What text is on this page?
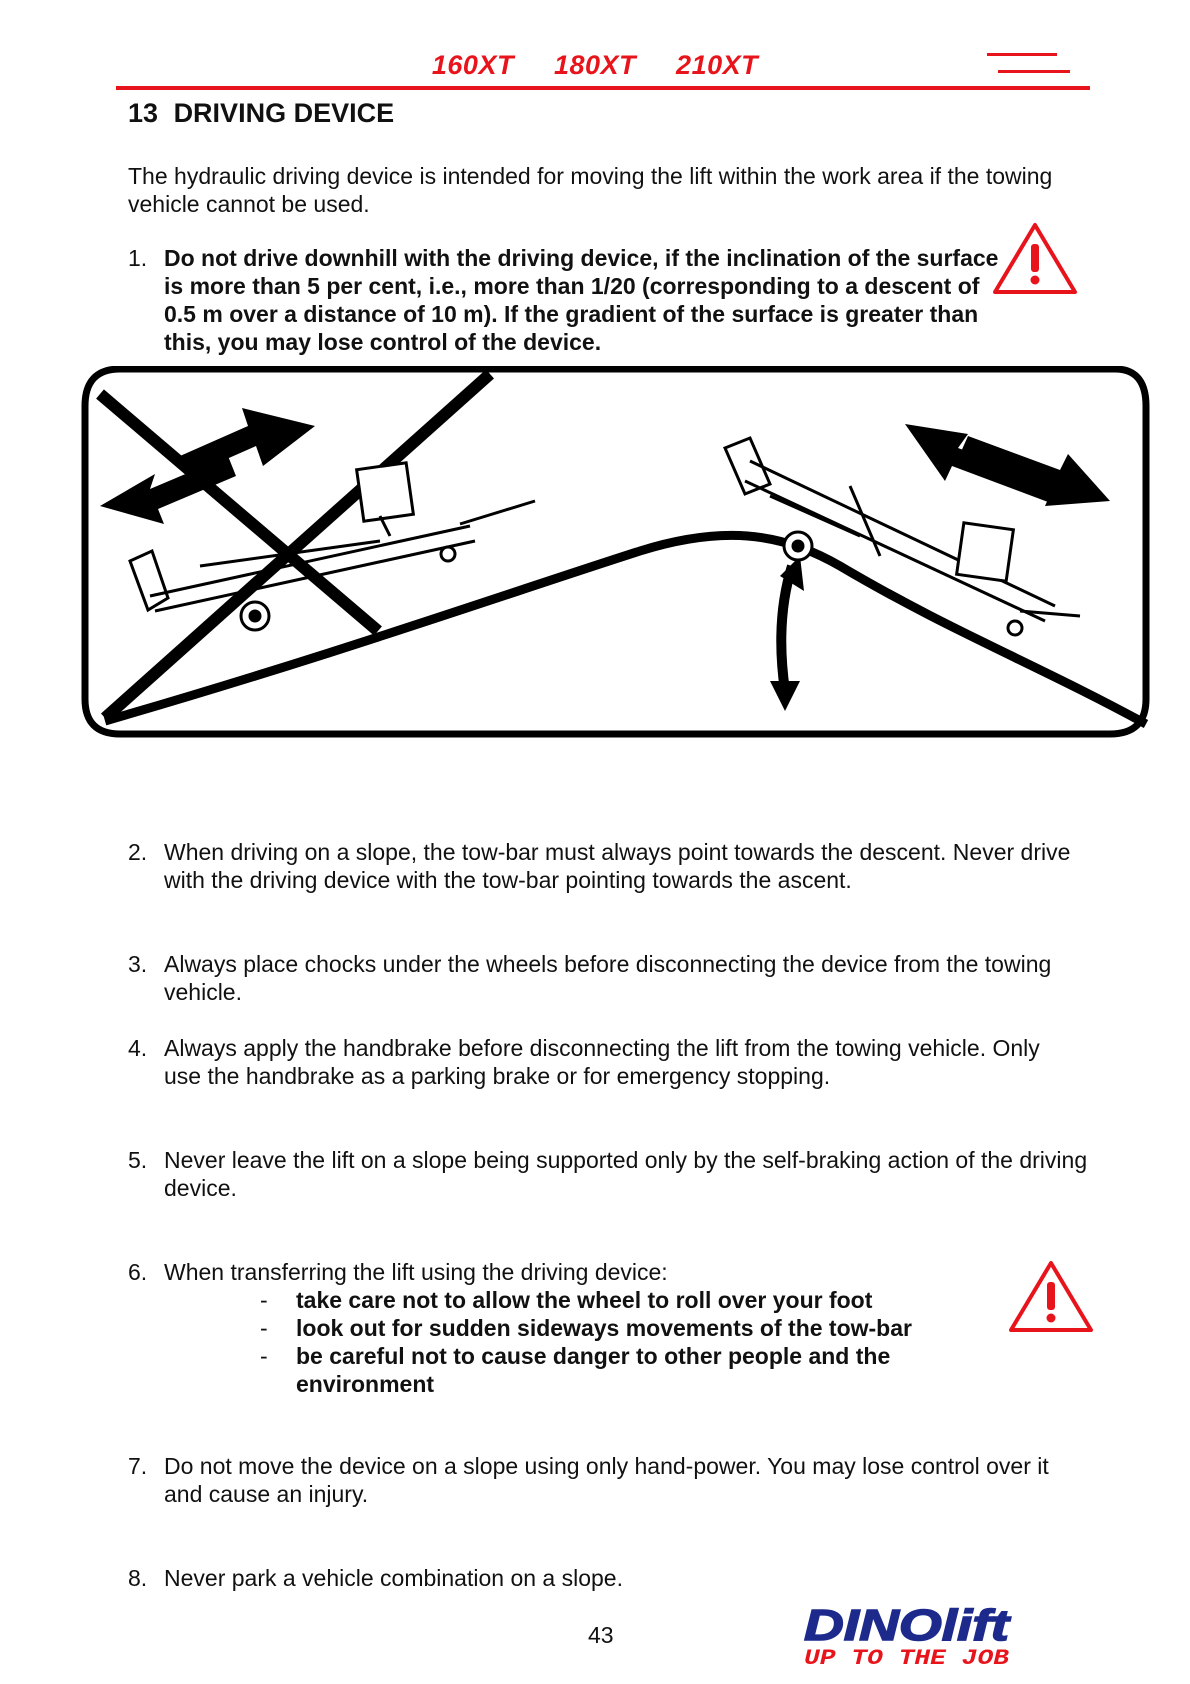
160XT 180XT 210XT
13 DRIVING DEVICE
The hydraulic driving device is intended for moving the lift within the work area if the towing vehicle cannot be used.
1. Do not drive downhill with the driving device, if the inclination of the surface is more than 5 per cent, i.e., more than 1/20 (corresponding to a descent of 0.5 m over a distance of 10 m). If the gradient of the surface is greater than this, you may lose control of the device.
2. When driving on a slope, the tow-bar must always point towards the descent. Never drive with the driving device with the tow-bar pointing towards the ascent.
3. Always place chocks under the wheels before disconnecting the device from the towing vehicle.
4. Always apply the handbrake before disconnecting the lift from the towing vehicle. Only use the handbrake as a parking brake or for emergency stopping.
5. Never leave the lift on a slope being supported only by the self-braking action of the driving device.
6. When transferring the lift using the driving device:
- take care not to allow the wheel to roll over your foot
- look out for sudden sideways movements of the tow-bar
- be careful not to cause danger to other people and the environment
7. Do not move the device on a slope using only hand-power. You may lose control over it and cause an injury.
8. Never park a vehicle combination on a slope.
43	DINOlift
UP TO THE JOB
